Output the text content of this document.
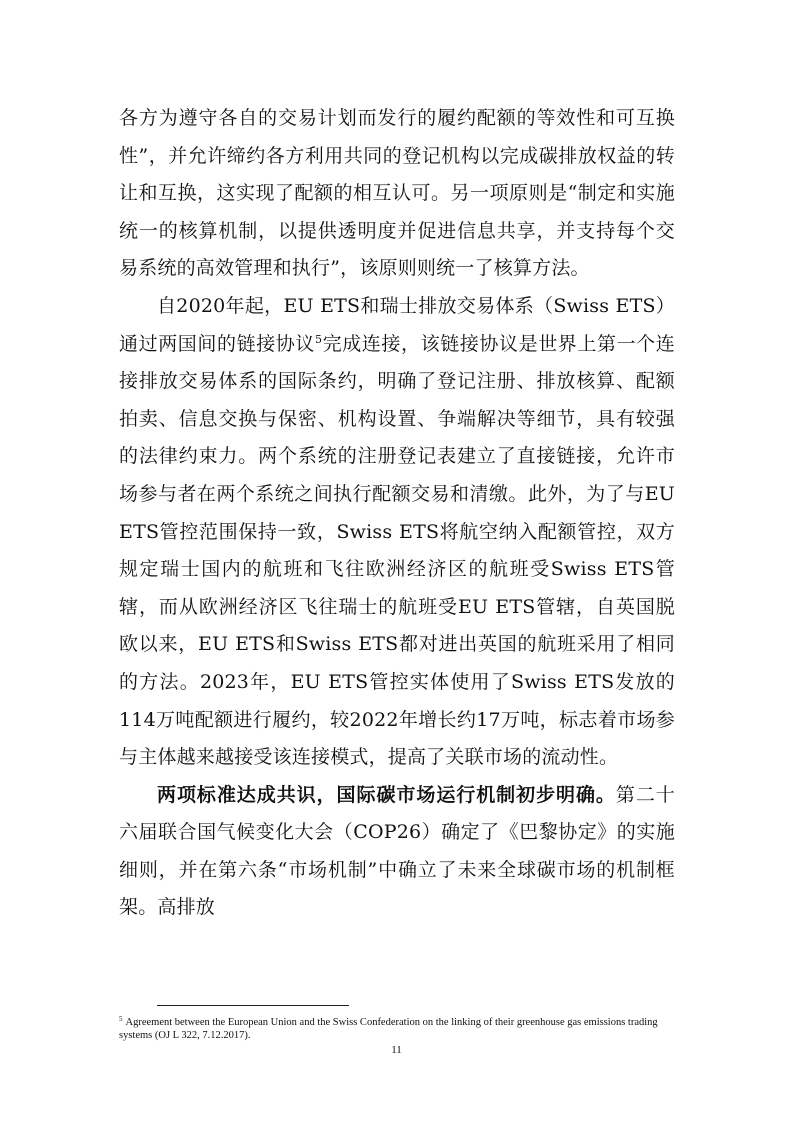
各方为遵守各自的交易计划而发行的履约配额的等效性和可互换性”，并允许缔约各方利用共同的登记机构以完成碳排放权益的转让和互换，这实现了配额的相互认可。另一项原则是“制定和实施统一的核算机制，以提供透明度并促进信息共享，并支持每个交易系统的高效管理和执行”，该原则则统一了核算方法。

自2020年起，EU ETS和瑞士排放交易体系（Swiss ETS）通过两国间的链接协议$^5$完成连接，该链接协议是世界上第一个连接排放交易体系的国际条约，明确了登记注册、排放核算、配额拍卖、信息交换与保密、机构设置、争端解决等细节，具有较强的法律约束力。两个系统的注册登记表建立了直接链接，允许市场参与者在两个系统之间执行配额交易和清缴。此外，为了与EU ETS管控范围保持一致，Swiss ETS将航空纳入配额管控，双方规定瑞士国内的航班和飞往欧洲经济区的航班受Swiss ETS管辖，而从欧洲经济区飞往瑞士的航班受EU ETS管辖，自英国脱欧以来，EU ETS和Swiss ETS都对进出英国的航班采用了相同的方法。2023年，EU ETS管控实体使用了Swiss ETS发放的114万吨配额进行履约，较2022年增长约17万吨，标志着市场参与主体越来越接受该连接模式，提高了关联市场的流动性。

两项标准达成共识，国际碳市场运行机制初步明确。第二十六届联合国气候变化大会（COP26）确定了《巴黎协定》的实施细则，并在第六条“市场机制”中确立了未来全球碳市场的机制框架。高排放

$^5$ Agreement between the European Union and the Swiss Confederation on the linking of their greenhouse gas emissions trading systems (OJ L 322, 7.12.2017).
11
